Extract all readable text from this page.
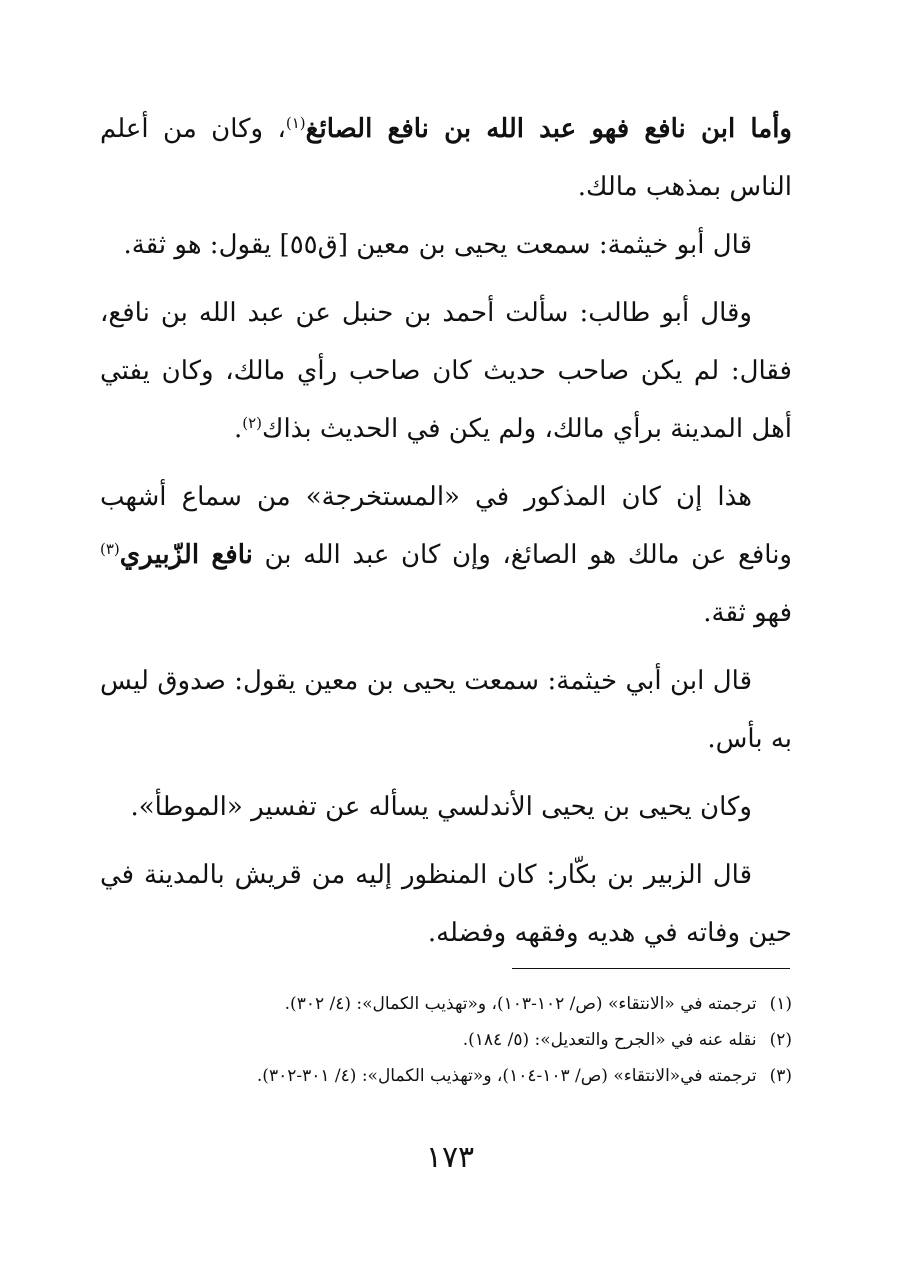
وأما ابن نافع فهو عبد الله بن نافع الصائغ$^{(١)}$، وكان من أعلم الناس بمذهب مالك.

قال أبو خيثمة: سمعت يحيى بن معين [ق٥٥] يقول: هو ثقة.

وقال أبو طالب: سألت أحمد بن حنبل عن عبد الله بن نافع، فقال: لم يكن صاحب حديث كان صاحب رأي مالك، وكان يفتي أهل المدينة برأي مالك، ولم يكن في الحديث بذاك$^{(٢)}$.

هذا إن كان المذكور في «المستخرجة» من سماع أشهب ونافع عن مالك هو الصائغ، وإن كان عبد الله بن نافع الزّبيري$^{(٣)}$ فهو ثقة.

قال ابن أبي خيثمة: سمعت يحيى بن معين يقول: صدوق ليس به بأس.

وكان يحيى بن يحيى الأندلسي يسأله عن تفسير «الموطأ».

قال الزبير بن بكّار: كان المنظور إليه من قريش بالمدينة في حين وفاته في هديه وفقهه وفضله.

(١) ترجمته في «الانتقاء» (ص/ ١٠٢-١٠٣)، و«تهذيب الكمال»: (٤/ ٣٠٢).

(٢) نقله عنه في «الجرح والتعديل»: (٥/ ١٨٤).

(٣) ترجمته في«الانتقاء» (ص/ ١٠٣-١٠٤)، و«تهذيب الكمال»: (٤/ ٣٠١-٣٠٢).

١٧٣
